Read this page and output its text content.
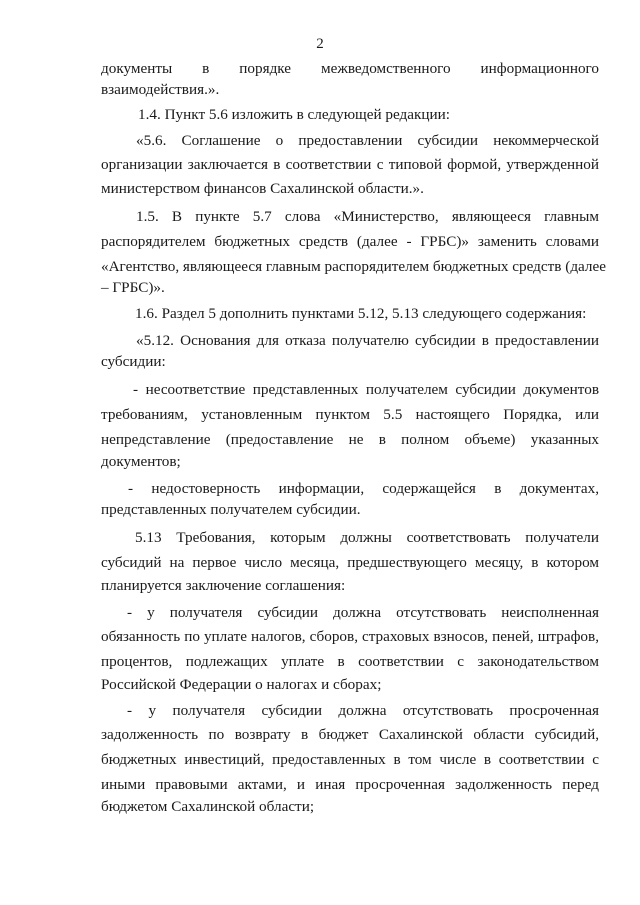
2
документы в порядке межведомственного информационного
взаимодействия.».
1.4. Пункт 5.6 изложить в следующей редакции:
«5.6. Соглашение о предоставлении субсидии некоммерческой
организации заключается в соответствии с типовой формой, утвержденной
министерством финансов Сахалинской области.».
1.5. В пункте 5.7 слова «Министерство, являющееся главным
распорядителем бюджетных средств (далее - ГРБС)» заменить словами
«Агентство, являющееся главным распорядителем бюджетных средств (далее
– ГРБС)».
1.6. Раздел 5 дополнить пунктами 5.12, 5.13 следующего содержания:
«5.12. Основания для отказа получателю субсидии в предоставлении
субсидии:
- несоответствие представленных получателем субсидии документов
требованиям, установленным пунктом 5.5 настоящего Порядка, или
непредставление (предоставление не в полном объеме) указанных
документов;
- недостоверность информации, содержащейся в документах,
представленных получателем субсидии.
5.13 Требования, которым должны соответствовать получатели
субсидий на первое число месяца, предшествующего месяцу, в котором
планируется заключение соглашения:
- у получателя субсидии должна отсутствовать неисполненная
обязанность по уплате налогов, сборов, страховых взносов, пеней, штрафов,
процентов, подлежащих уплате в соответствии с законодательством
Российской Федерации о налогах и сборах;
- у получателя субсидии должна отсутствовать просроченная
задолженность по возврату в бюджет Сахалинской области субсидий,
бюджетных инвестиций, предоставленных в том числе в соответствии с
иными правовыми актами, и иная просроченная задолженность перед
бюджетом Сахалинской области;
